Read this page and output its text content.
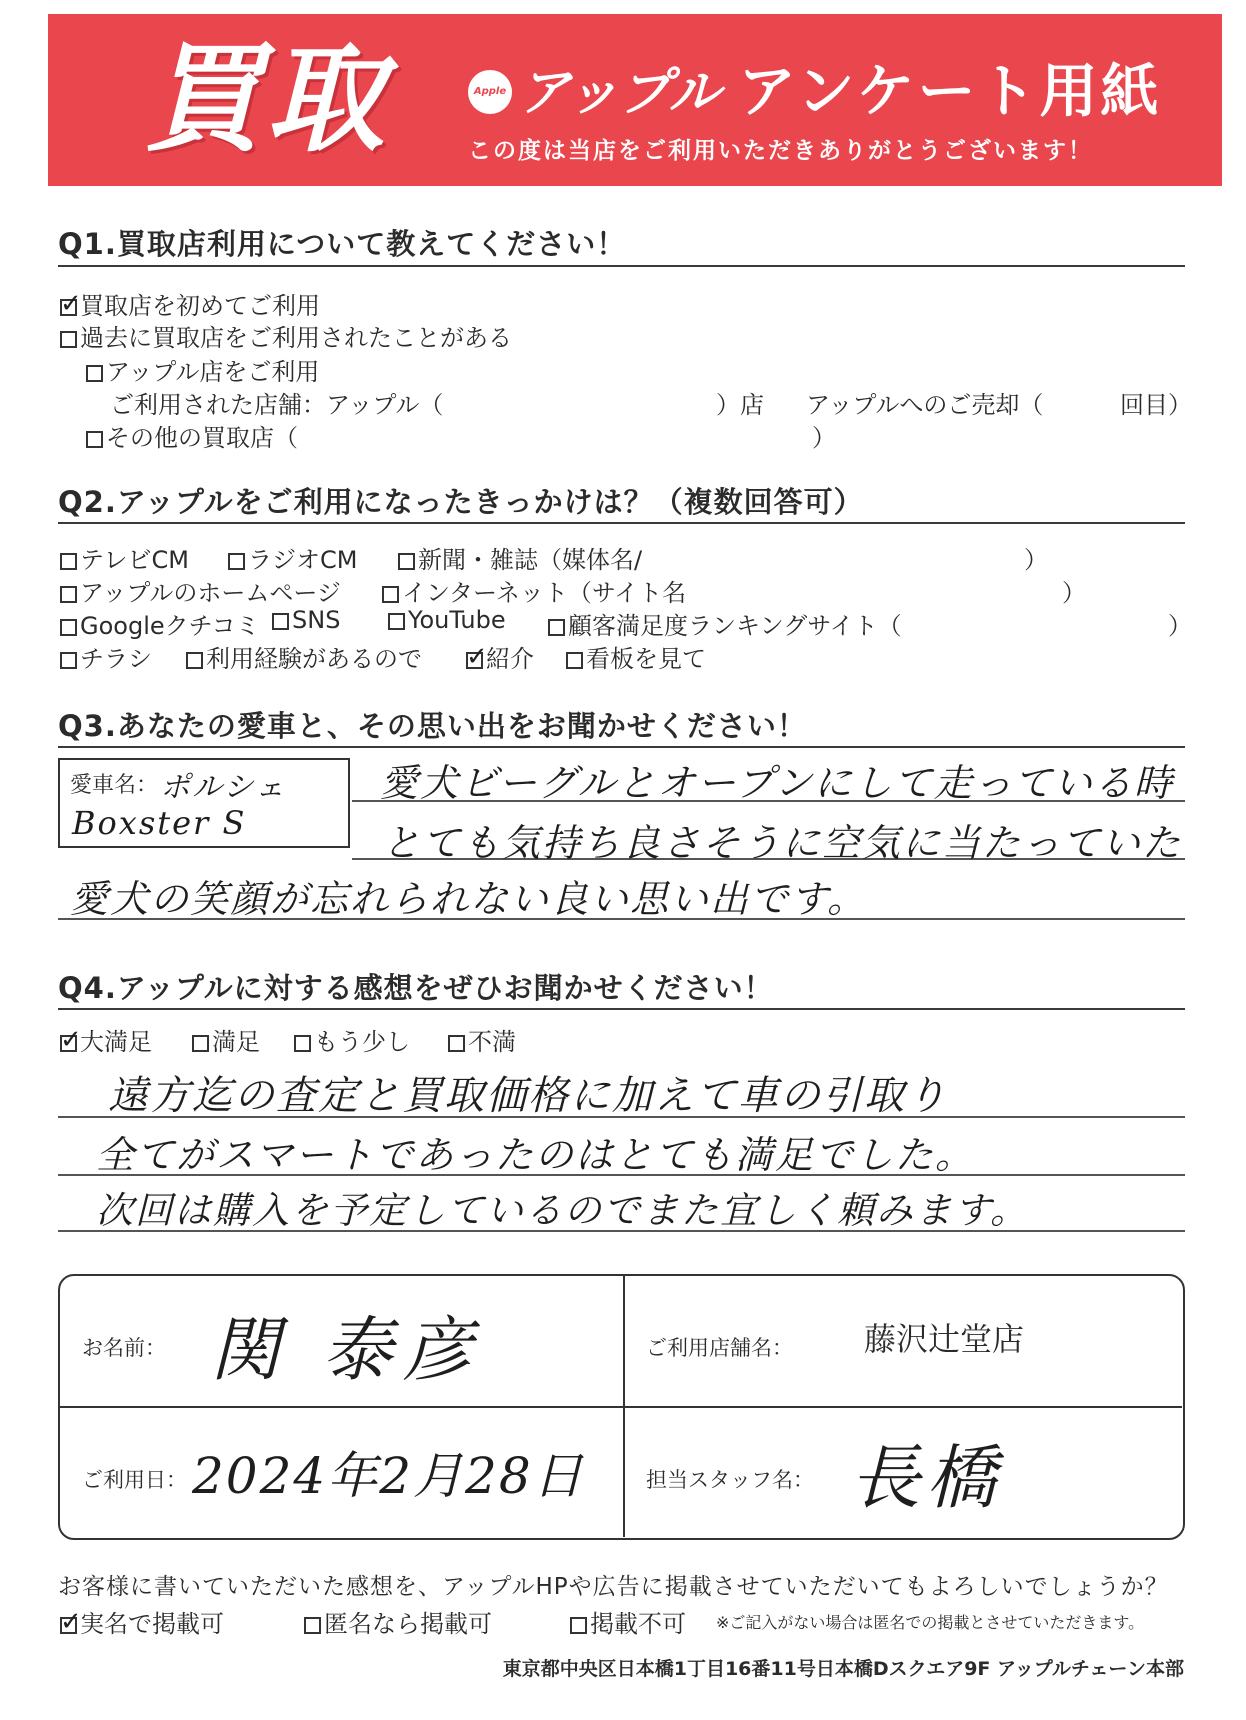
買取	Apple アップル アンケート用紙
この度は当店をご利用いただきありがとうございます！
Q1.買取店利用について教えてください！
✓買取店を初めてご利用
過去に買取店をご利用されたことがある
アップル店をご利用
ご利用された店舗：アップル（	）店 アップルへのご売却（	回目）
その他の買取店（	）
Q2.アップルをご利用になったきっかけは？（複数回答可）
テレビCM	ラジオCM	新聞・雑誌（媒体名/	）
アップルのホームページ	インターネット（サイト名	）
Googleクチコミ	SNS	YouTube	顧客満足度ランキングサイト（	）
チラシ	利用経験があるので
✓	紹介	看板を見て
Q3.あなたの愛車と、その思い出をお聞かせください！
愛車名： ポルシェ
Boxster S
愛犬ビーグルとオープンにして走っている時
とても気持ち良さそうに空気に当たっていた
愛犬の笑顔が忘れられない良い思い出です。
Q4.アップルに対する感想をぜひお聞かせください！
✓大満足	満足	もう少し	不満
遠方迄の査定と買取価格に加えて車の引取り
全てがスマートであったのはとても満足でした。
次回は購入を予定しているのでまた宜しく頼みます。
お名前： 関 泰彦	ご利用店舗名： 藤沢辻堂店
ご利用日： 2024年2月28日	担当スタッフ名： 長橋
お客様に書いていただいた感想を、アップルHPや広告に掲載させていただいてもよろしいでしょうか？
✓実名で掲載可	匿名なら掲載可	掲載不可 ※ご記入がない場合は匿名での掲載とさせていただきます。
東京都中央区日本橋1丁目16番11号日本橋Dスクエア9F アップルチェーン本部
